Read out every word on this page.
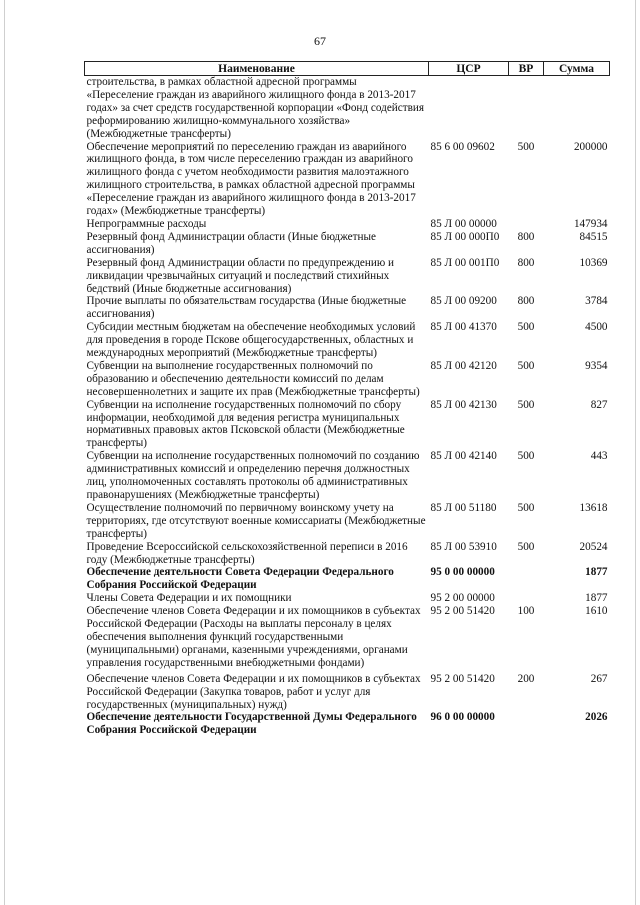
67
Наименование	ЦСР	ВР	Сумма
строительства, в рамках областной адресной программы «Переселение граждан из аварийного жилищного фонда в 2013-2017 годах» за счет средств государственной корпорации «Фонд содействия реформированию жилищно-коммунального хозяйства» (Межбюджетные трансферты)			
Обеспечение мероприятий по переселению граждан из аварийного жилищного фонда, в том числе переселению граждан из аварийного жилищного фонда с учетом необходимости развития малоэтажного жилищного строительства, в рамках областной адресной программы «Переселение граждан из аварийного жилищного фонда в 2013-2017 годах» (Межбюджетные трансферты)	85 6 00 09602	500	200000
Непрограммные расходы	85 Л 00 00000		147934
Резервный фонд Администрации области (Иные бюджетные ассигнования)	85 Л 00 000П0	800	84515
Резервный фонд Администрации области по предупреждению и ликвидации чрезвычайных ситуаций и последствий стихийных бедствий (Иные бюджетные ассигнования)	85 Л 00 001П0	800	10369
Прочие выплаты по обязательствам государства (Иные бюджетные ассигнования)	85 Л 00 09200	800	3784
Субсидии местным бюджетам на обеспечение необходимых условий для проведения в городе Пскове общегосударственных, областных и международных мероприятий (Межбюджетные трансферты)	85 Л 00 41370	500	4500
Субвенции на выполнение государственных полномочий по образованию и обеспечению деятельности комиссий по делам несовершеннолетних и защите их прав (Межбюджетные трансферты)	85 Л 00 42120	500	9354
Субвенции на исполнение государственных полномочий по сбору информации, необходимой для ведения регистра муниципальных нормативных правовых актов Псковской области (Межбюджетные трансферты)	85 Л 00 42130	500	827
Субвенции на исполнение государственных полномочий по созданию административных комиссий и определению перечня должностных лиц, уполномоченных составлять протоколы об административных правонарушениях (Межбюджетные трансферты)	85 Л 00 42140	500	443
Осуществление полномочий по первичному воинскому учету на территориях, где отсутствуют военные комиссариаты (Межбюджетные трансферты)	85 Л 00 51180	500	13618
Проведение Всероссийской сельскохозяйственной переписи в 2016 году (Межбюджетные трансферты)	85 Л 00 53910	500	20524
Обеспечение деятельности Совета Федерации Федерального Собрания Российской Федерации	95 0 00 00000		1877
Члены Совета Федерации и их помощники	95 2 00 00000		1877
Обеспечение членов Совета Федерации и их помощников в субъектах Российской Федерации (Расходы на выплаты персоналу в целях обеспечения выполнения функций государственными (муниципальными) органами, казенными учреждениями, органами управления государственными внебюджетными фондами)	95 2 00 51420	100	1610
Обеспечение членов Совета Федерации и их помощников в субъектах Российской Федерации (Закупка товаров, работ и услуг для государственных (муниципальных) нужд)	95 2 00 51420	200	267
Обеспечение деятельности Государственной Думы Федерального Собрания Российской Федерации	96 0 00 00000		2026
